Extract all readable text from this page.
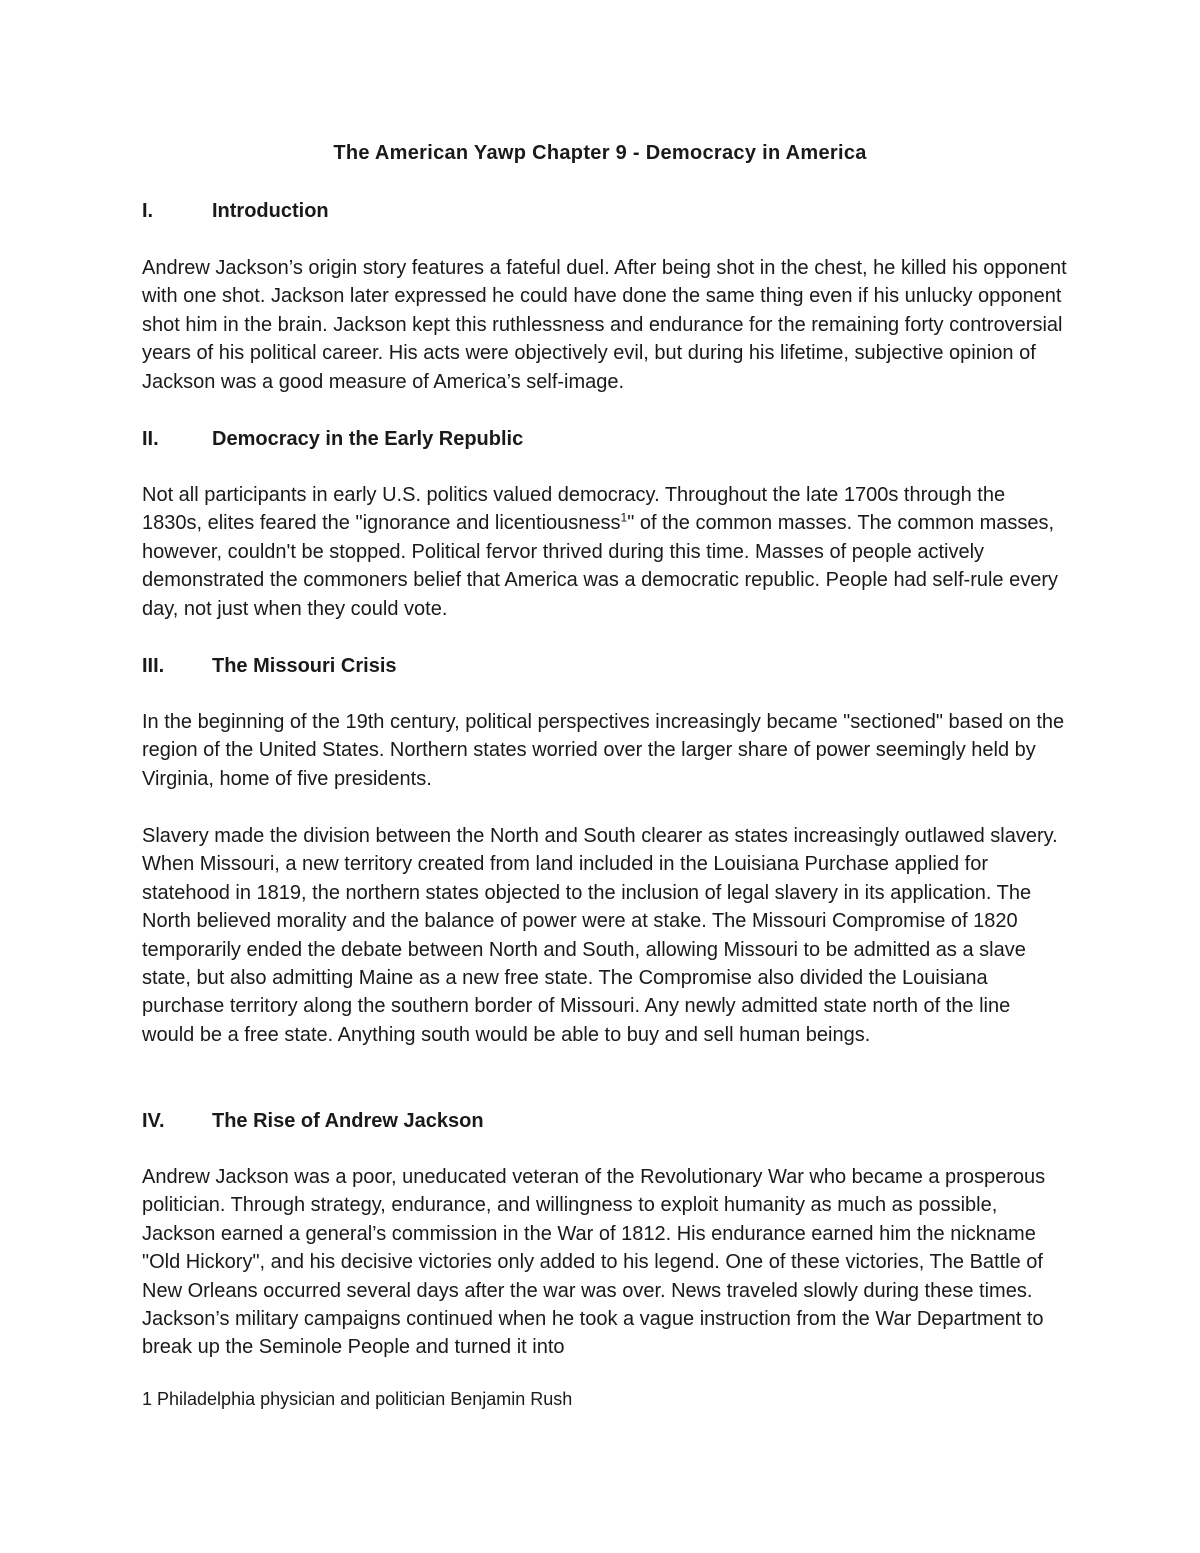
The American Yawp Chapter 9 - Democracy in America
I.	Introduction

Andrew Jackson’s origin story features a fateful duel. After being shot in the chest, he killed his opponent with one shot. Jackson later expressed he could have done the same thing even if his unlucky opponent shot him in the brain. Jackson kept this ruthlessness and endurance for the remaining forty controversial years of his political career. His acts were objectively evil, but during his lifetime, subjective opinion of Jackson was a good measure of America’s self-image.

II.	Democracy in the Early Republic

Not all participants in early U.S. politics valued democracy. Throughout the late 1700s through the 1830s, elites feared the "ignorance and licentiousness$^1$" of the common masses. The common masses, however, couldn't be stopped. Political fervor thrived during this time. Masses of people actively demonstrated the commoners belief that America was a democratic republic. People had self-rule every day, not just when they could vote.

III. The Missouri Crisis

In the beginning of the 19th century, political perspectives increasingly became "sectioned" based on the region of the United States. Northern states worried over the larger share of power seemingly held by Virginia, home of five presidents.

Slavery made the division between the North and South clearer as states increasingly outlawed slavery. When Missouri, a new territory created from land included in the Louisiana Purchase applied for statehood in 1819, the northern states objected to the inclusion of legal slavery in its application. The North believed morality and the balance of power were at stake. The Missouri Compromise of 1820 temporarily ended the debate between North and South, allowing Missouri to be admitted as a slave state, but also admitting Maine as a new free state. The Compromise also divided the Louisiana purchase territory along the southern border of Missouri. Any newly admitted state north of the line would be a free state. Anything south would be able to buy and sell human beings.

IV. The Rise of Andrew Jackson

Andrew Jackson was a poor, uneducated veteran of the Revolutionary War who became a prosperous politician. Through strategy, endurance, and willingness to exploit humanity as much as possible, Jackson earned a general’s commission in the War of 1812. His endurance earned him the nickname "Old Hickory", and his decisive victories only added to his legend. One of these victories, The Battle of New Orleans occurred several days after the war was over. News traveled slowly during these times. Jackson’s military campaigns continued when he took a vague instruction from the War Department to break up the Seminole People and turned it into

1 Philadelphia physician and politician Benjamin Rush
